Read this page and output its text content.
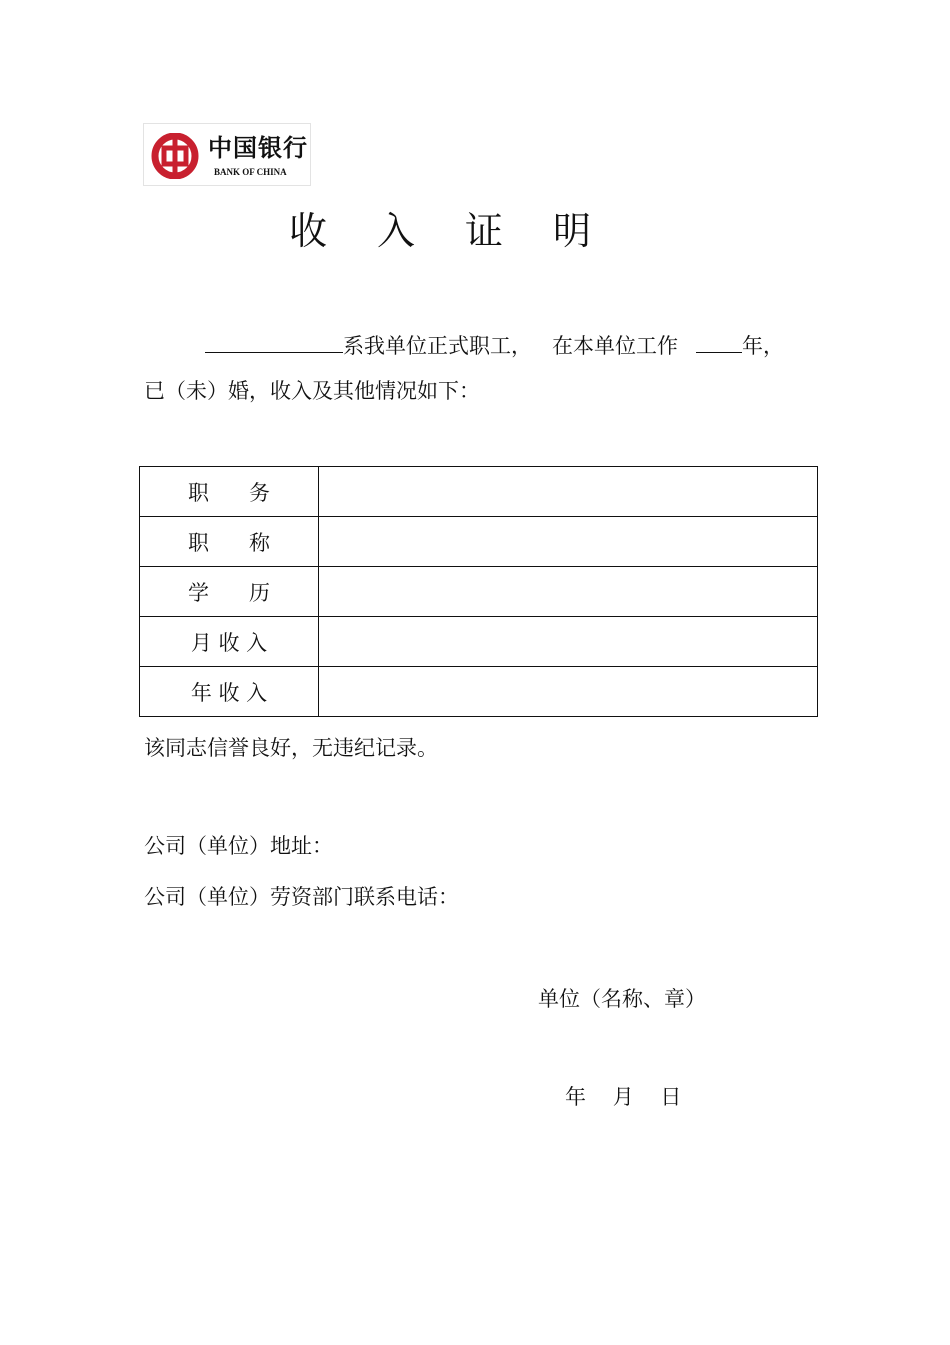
中国银行
BANK OF CHINA
收 入 证 明
系我单位正式职工， 在本单位工作	年，
已（未）婚，收入及其他情况如下：
职      务	
职      称	
学      历	
月 收 入	
年 收 入	
该同志信誉良好，无违纪记录。
公司（单位）地址：
公司（单位）劳资部门联系电话：
单位（名称、章）
年    月    日
